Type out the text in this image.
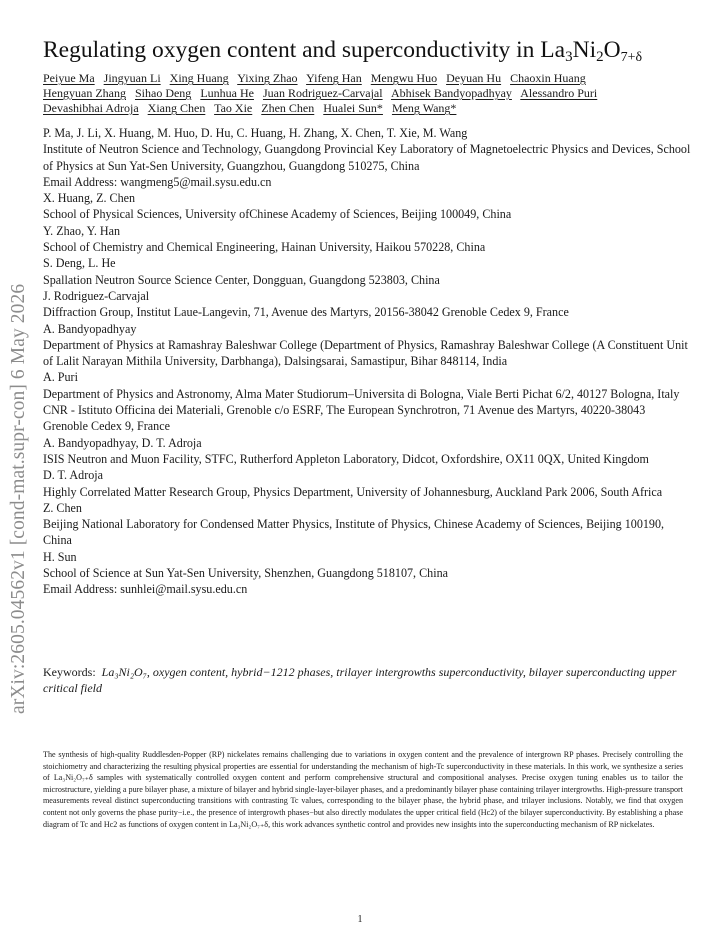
arXiv:2605.04562v1 [cond-mat.supr-con] 6 May 2026
Regulating oxygen content and superconductivity in $La_3Ni_2O7+\delta$
Peiyue Ma Jingyuan Li Xing Huang Yixing Zhao Yifeng Han Mengwu Huo Deyuan Hu Chaoxin Huang Hengyuan Zhang Sihao Deng Lunhua He Juan Rodriguez-Carvajal Abhisek Bandyopadhyay Alessandro Puri Devashibhai Adroja Xiang Chen Tao Xie Zhen Chen Hualei Sun* Meng Wang*

P. Ma, J. Li, X. Huang, M. Huo, D. Hu, C. Huang, H. Zhang, X. Chen, T. Xie, M. Wang

Institute of Neutron Science and Technology, Guangdong Provincial Key Laboratory of Magnetoelectric Physics and Devices, School of Physics at Sun Yat-Sen University, Guangzhou, Guangdong 510275, China

Email Address: wangmeng5@mail.sysu.edu.cn

X. Huang, Z. Chen

School of Physical Sciences, University ofChinese Academy of Sciences, Beijing 100049, China

Y. Zhao, Y. Han

School of Chemistry and Chemical Engineering, Hainan University, Haikou 570228, China

S. Deng, L. He

Spallation Neutron Source Science Center, Dongguan, Guangdong 523803, China

J. Rodriguez-Carvajal

Diffraction Group, Institut Laue-Langevin, 71, Avenue des Martyrs, 20156-38042 Grenoble Cedex 9, France

A. Bandyopadhyay

Department of Physics at Ramashray Baleshwar College (Department of Physics, Ramashray Baleshwar College (A Constituent Unit of Lalit Narayan Mithila University, Darbhanga), Dalsingsarai, Samastipur, Bihar 848114, India

A. Puri

Department of Physics and Astronomy, Alma Mater Studiorum–Universita di Bologna, Viale Berti Pichat 6/2, 40127 Bologna, Italy

CNR - Istituto Officina dei Materiali, Grenoble c/o ESRF, The European Synchrotron, 71 Avenue des Martyrs, 40220-38043 Grenoble Cedex 9, France

A. Bandyopadhyay, D. T. Adroja

ISIS Neutron and Muon Facility, STFC, Rutherford Appleton Laboratory, Didcot, Oxfordshire, OX11 0QX, United Kingdom

D. T. Adroja

Highly Correlated Matter Research Group, Physics Department, University of Johannesburg, Auckland Park 2006, South Africa

Z. Chen

Beijing National Laboratory for Condensed Matter Physics, Institute of Physics, Chinese Academy of Sciences, Beijing 100190, China

H. Sun

School of Science at Sun Yat-Sen University, Shenzhen, Guangdong 518107, China

Email Address: sunhlei@mail.sysu.edu.cn

Keywords: La₃Ni₂O₇, oxygen content, hybrid−1212 phases, trilayer intergrowths superconductivity, bilayer superconducting upper critical field

The synthesis of high-quality Ruddlesden-Popper (RP) nickelates remains challenging due to variations in oxygen content and the prevalence of intergrown RP phases. Precisely controlling the stoichiometry and characterizing the resulting physical properties are essential for understanding the mechanism of high-Tc superconductivity in these materials. In this work, we synthesize a series of La₃Ni₂O₇₊δ samples with systematically controlled oxygen content and perform comprehensive structural and compositional analyses. Precise oxygen tuning enables us to tailor the microstructure, yielding a pure bilayer phase, a mixture of bilayer and hybrid single-layer-bilayer phases, and a predominantly bilayer phase containing trilayer intergrowths. High-pressure transport measurements reveal distinct superconducting transitions with contrasting Tc values, corresponding to the bilayer phase, the hybrid phase, and trilayer inclusions. Notably, we find that oxygen content not only governs the phase purity−i.e., the presence of intergrowth phases−but also directly modulates the upper critical field (Hc2) of the bilayer superconductivity. By establishing a phase diagram of Tc and Hc2 as functions of oxygen content in La₃Ni₂O₇₊δ, this work advances synthetic control and provides new insights into the superconducting mechanism of RP nickelates.

1
